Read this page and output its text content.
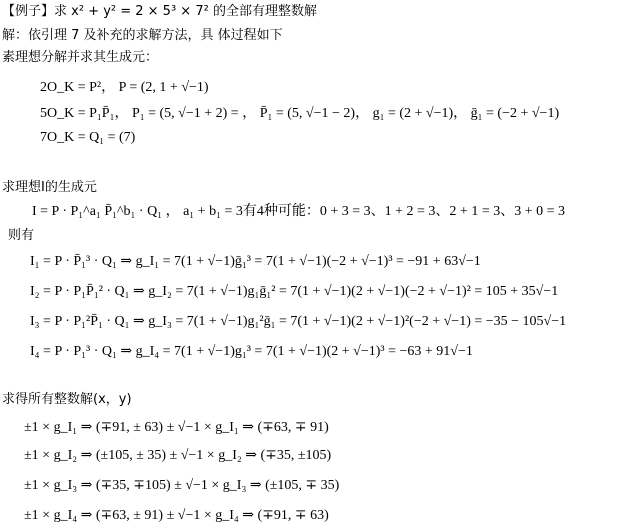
【例子】求 x² + y² = 2 × 5³ × 7² 的全部有理整数解
解：依引理 7 及补充的求解方法，具 体过程如下
素理想分解并求其生成元：
2O_K = P²， P = (2, 1 + √−1)
5O_K = P₁P̄₁， P₁ = (5, √−1 + 2) = ， P̄₁ = (5, √−1 − 2)， g₁ = (2 + √−1)， ḡ₁ = (−2 + √−1)
7O_K = Q₁ = (7)
求理想I的生成元
I = P · P₁^a₁ P̄₁^b₁ · Q₁ ， a₁ + b₁ = 3有4种可能：0 + 3 = 3、1 + 2 = 3、2 + 1 = 3、3 + 0 = 3
则有
I₁ = P · P̄₁³ · Q₁ ⇒ g_I₁ = 7(1 + √−1)ḡ₁³ = 7(1 + √−1)(−2 + √−1)³ = −91 + 63√−1
I₂ = P · P₁P̄₁² · Q₁ ⇒ g_I₂ = 7(1 + √−1)g₁ḡ₁² = 7(1 + √−1)(2 + √−1)(−2 + √−1)² = 105 + 35√−1
I₃ = P · P₁²P̄₁ · Q₁ ⇒ g_I₃ = 7(1 + √−1)g₁²ḡ₁ = 7(1 + √−1)(2 + √−1)²(−2 + √−1) = −35 − 105√−1
I₄ = P · P₁³ · Q₁ ⇒ g_I₄ = 7(1 + √−1)g₁³ = 7(1 + √−1)(2 + √−1)³ = −63 + 91√−1
求得所有整数解(x，y)
±1 × g_I₁ ⇒ (∓91, ± 63) ± √−1 × g_I₁ ⇒ (∓63, ∓ 91)
±1 × g_I₂ ⇒ (±105, ± 35) ± √−1 × g_I₂ ⇒ (∓35, ±105)
±1 × g_I₃ ⇒ (∓35, ∓105) ± √−1 × g_I₃ ⇒ (±105, ∓ 35)
±1 × g_I₄ ⇒ (∓63, ± 91) ± √−1 × g_I₄ ⇒ (∓91, ∓ 63)
